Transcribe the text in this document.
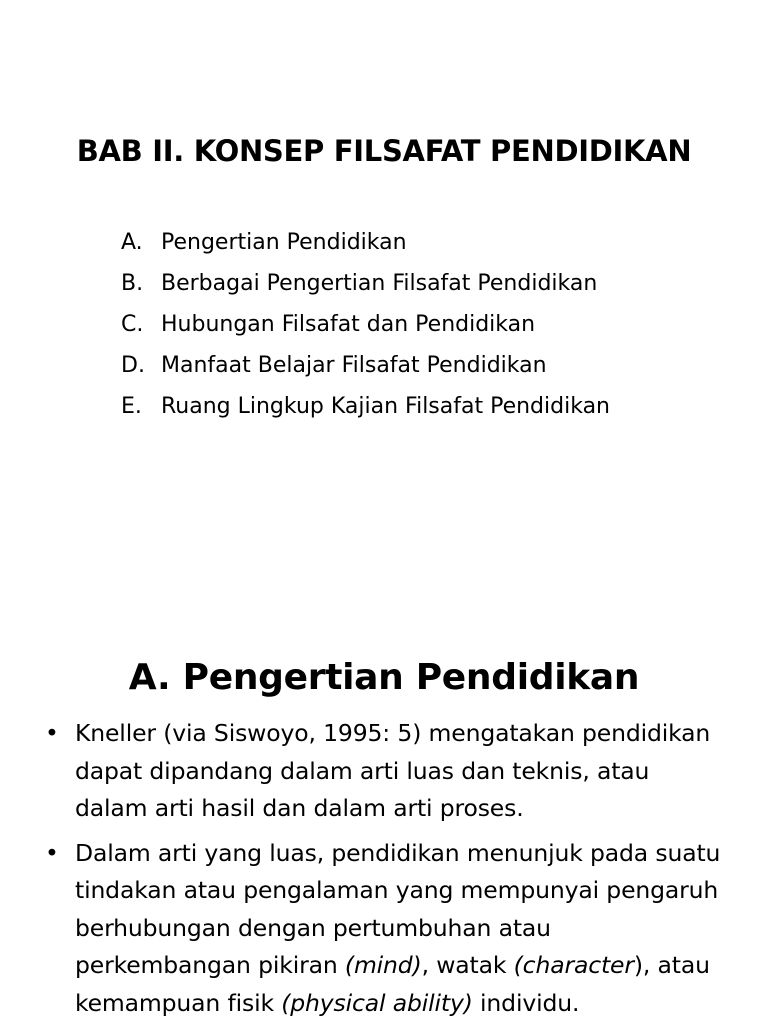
BAB II. KONSEP FILSAFAT PENDIDIKAN
A. Pengertian Pendidikan
B. Berbagai Pengertian Filsafat Pendidikan
C. Hubungan Filsafat dan Pendidikan
D. Manfaat Belajar Filsafat Pendidikan
E. Ruang Lingkup Kajian Filsafat Pendidikan
A. Pengertian Pendidikan
• Kneller (via Siswoyo, 1995: 5) mengatakan pendidikan dapat dipandang dalam arti luas dan teknis, atau dalam arti hasil dan dalam arti proses.
• Dalam arti yang luas, pendidikan menunjuk pada suatu tindakan atau pengalaman yang mempunyai pengaruh berhubungan dengan pertumbuhan atau perkembangan pikiran (mind), watak (character), atau kemampuan fisik (physical ability) individu.
